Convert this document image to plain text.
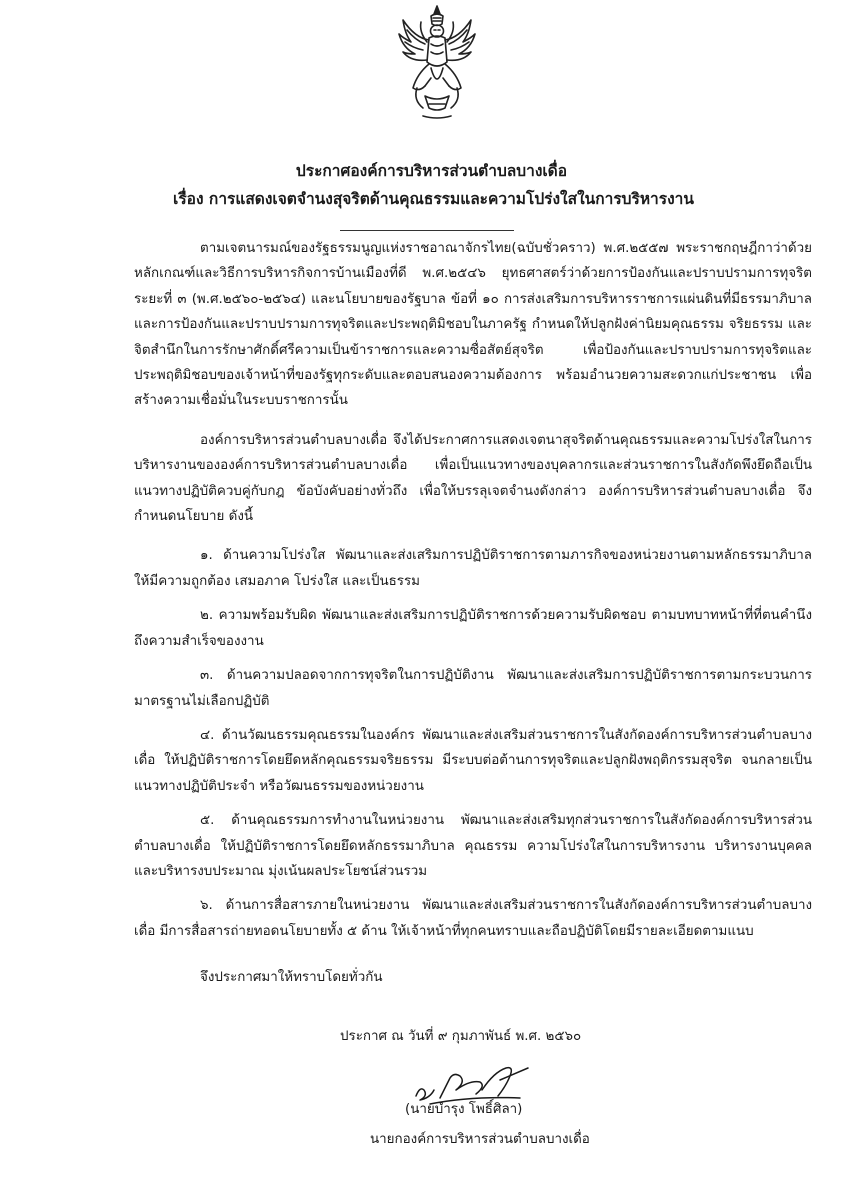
ประกาศองค์การบริหารส่วนตำบลบางเดื่อ
เรื่อง การแสดงเจตจำนงสุจริตด้านคุณธรรมและความโปร่งใสในการบริหารงาน

ตามเจตนารมณ์ของรัฐธรรมนูญแห่งราชอาณาจักรไทย(ฉบับชั่วคราว) พ.ศ.๒๕๕๗ พระราชกฤษฎีกาว่าด้วยหลักเกณฑ์และวิธีการบริหารกิจการบ้านเมืองที่ดี พ.ศ.๒๕๔๖ ยุทธศาสตร์ว่าด้วยการป้องกันและปราบปรามการทุจริตระยะที่ ๓ (พ.ศ.๒๕๖๐-๒๕๖๔) และนโยบายของรัฐบาล ข้อที่ ๑๐ การส่งเสริมการบริหารราชการแผ่นดินที่มีธรรมาภิบาลและการป้องกันและปราบปรามการทุจริตและประพฤติมิชอบในภาครัฐ กำหนดให้ปลูกฝังค่านิยมคุณธรรม จริยธรรม และจิตสำนึกในการรักษาศักดิ์ศรีความเป็นข้าราชการและความซื่อสัตย์สุจริต เพื่อป้องกันและปราบปรามการทุจริตและประพฤติมิชอบของเจ้าหน้าที่ของรัฐทุกระดับและตอบสนองความต้องการ พร้อมอำนวยความสะดวกแก่ประชาชน เพื่อสร้างความเชื่อมั่นในระบบราชการนั้น

องค์การบริหารส่วนตำบลบางเดื่อ จึงได้ประกาศการแสดงเจตนาสุจริตด้านคุณธรรมและความโปร่งใสในการบริหารงานขององค์การบริหารส่วนตำบลบางเดื่อ เพื่อเป็นแนวทางของบุคลากรและส่วนราชการในสังกัดพึงยึดถือเป็นแนวทางปฏิบัติควบคู่กับกฎ ข้อบังคับอย่างทั่วถึง เพื่อให้บรรลุเจตจำนงดังกล่าว องค์การบริหารส่วนตำบลบางเดื่อ จึงกำหนดนโยบาย ดังนี้

๑. ด้านความโปร่งใส พัฒนาและส่งเสริมการปฏิบัติราชการตามภารกิจของหน่วยงานตามหลักธรรมาภิบาลให้มีความถูกต้อง เสมอภาค โปร่งใส และเป็นธรรม

๒. ความพร้อมรับผิด พัฒนาและส่งเสริมการปฏิบัติราชการด้วยความรับผิดชอบ ตามบทบาทหน้าที่ที่ตนคำนึงถึงความสำเร็จของงาน

๓. ด้านความปลอดจากการทุจริตในการปฏิบัติงาน พัฒนาและส่งเสริมการปฏิบัติราชการตามกระบวนการมาตรฐานไม่เลือกปฏิบัติ

๔. ด้านวัฒนธรรมคุณธรรมในองค์กร พัฒนาและส่งเสริมส่วนราชการในสังกัดองค์การบริหารส่วนตำบลบางเดื่อ ให้ปฏิบัติราชการโดยยึดหลักคุณธรรมจริยธรรม มีระบบต่อต้านการทุจริตและปลูกฝังพฤติกรรมสุจริต จนกลายเป็นแนวทางปฏิบัติประจำ หรือวัฒนธรรมของหน่วยงาน

๕. ด้านคุณธรรมการทำงานในหน่วยงาน พัฒนาและส่งเสริมทุกส่วนราชการในสังกัดองค์การบริหารส่วนตำบลบางเดื่อ ให้ปฏิบัติราชการโดยยึดหลักธรรมาภิบาล คุณธรรม ความโปร่งใสในการบริหารงาน บริหารงานบุคคล และบริหารงบประมาณ มุ่งเน้นผลประโยชน์ส่วนรวม

๖. ด้านการสื่อสารภายในหน่วยงาน พัฒนาและส่งเสริมส่วนราชการในสังกัดองค์การบริหารส่วนตำบลบางเดื่อ มีการสื่อสารถ่ายทอดนโยบายทั้ง ๕ ด้าน ให้เจ้าหน้าที่ทุกคนทราบและถือปฏิบัติโดยมีรายละเอียดตามแนบ

จึงประกาศมาให้ทราบโดยทั่วกัน
ประกาศ ณ วันที่ ๙ กุมภาพันธ์ พ.ศ. ๒๕๖๐
(นายบำรุง โพธิ์ศิลา)
นายกองค์การบริหารส่วนตำบลบางเดื่อ
